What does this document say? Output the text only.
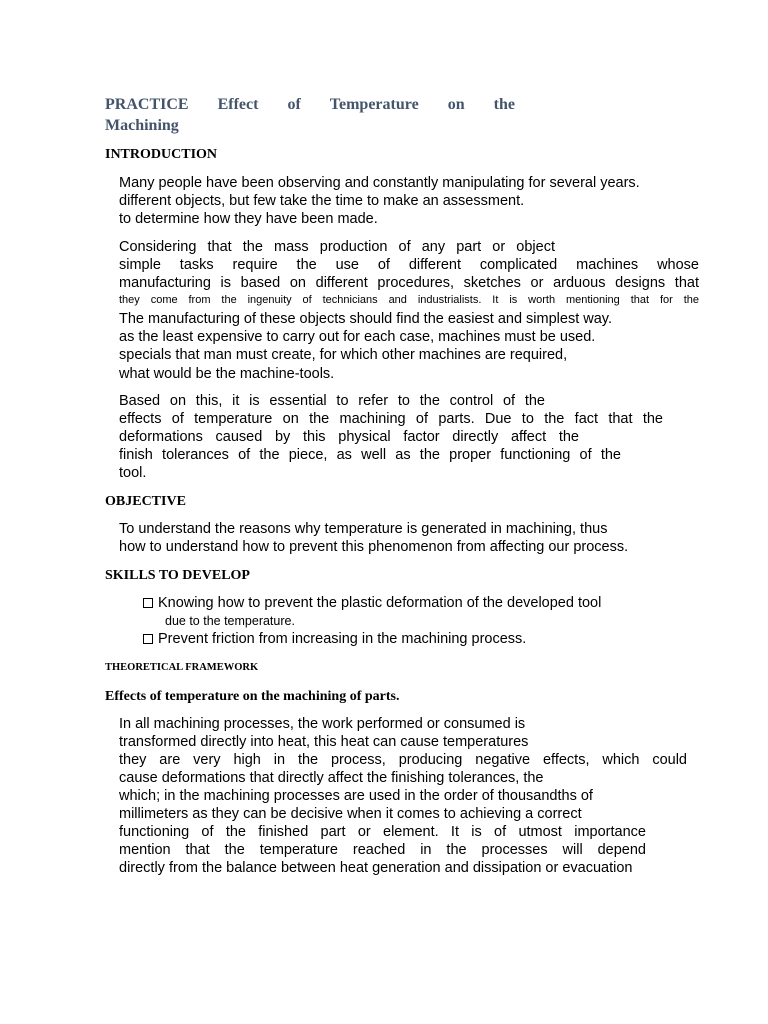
PRACTICE Effect of Temperature on the
Machining
INTRODUCTION
Many people have been observing and constantly manipulating for several years.
different objects, but few take the time to make an assessment.
to determine how they have been made.
Considering that the mass production of any part or object
simple tasks require the use of different complicated machines whose
manufacturing is based on different procedures, sketches or arduous designs that
they come from the ingenuity of technicians and industrialists. It is worth mentioning that for the
The manufacturing of these objects should find the easiest and simplest way.
as the least expensive to carry out for each case, machines must be used.
specials that man must create, for which other machines are required,
what would be the machine-tools.
Based on this, it is essential to refer to the control of the
effects of temperature on the machining of parts. Due to the fact that the
deformations caused by this physical factor directly affect the
finish tolerances of the piece, as well as the proper functioning of the
tool.
OBJECTIVE
To understand the reasons why temperature is generated in machining, thus
how to understand how to prevent this phenomenon from affecting our process.
SKILLS TO DEVELOP
Knowing how to prevent the plastic deformation of the developed tool
due to the temperature.
Prevent friction from increasing in the machining process.
THEORETICAL FRAMEWORK
Effects of temperature on the machining of parts.
In all machining processes, the work performed or consumed is
transformed directly into heat, this heat can cause temperatures
they are very high in the process, producing negative effects, which could
cause deformations that directly affect the finishing tolerances, the
which; in the machining processes are used in the order of thousandths of
millimeters as they can be decisive when it comes to achieving a correct
functioning of the finished part or element. It is of utmost importance
mention that the temperature reached in the processes will depend
directly from the balance between heat generation and dissipation or evacuation
